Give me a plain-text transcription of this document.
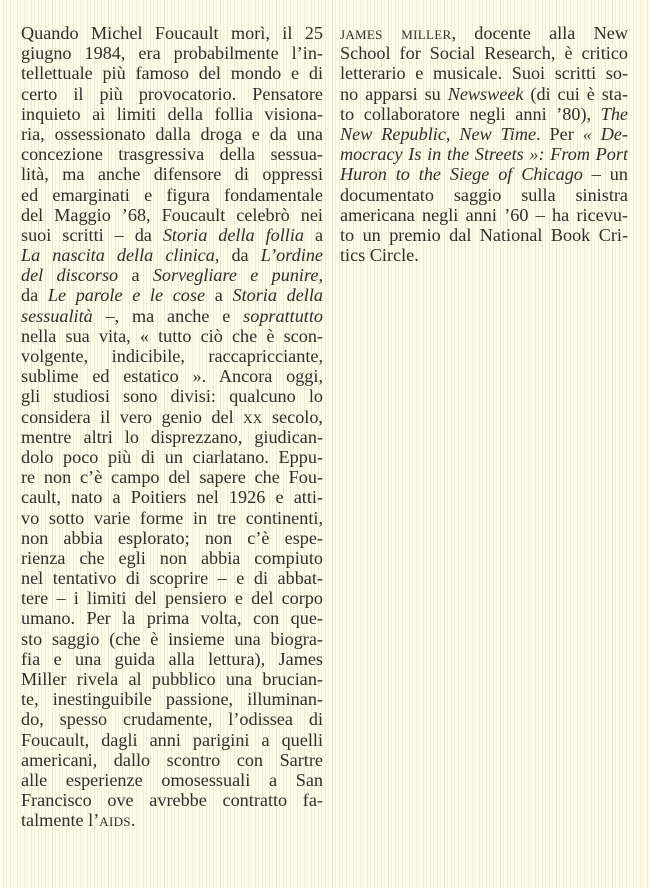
Quando Michel Foucault morì, il 25
giugno 1984, era probabilmente l’in-
tellettuale più famoso del mondo e di
certo il più provocatorio. Pensatore
inquieto ai limiti della follia visiona-
ria, ossessionato dalla droga e da una
concezione trasgressiva della sessua-
lità, ma anche difensore di oppressi
ed emarginati e figura fondamentale
del Maggio ’68, Foucault celebrò nei
suoi scritti – da Storia della follia a
La nascita della clinica, da L’ordine
del discorso a Sorvegliare e punire,
da Le parole e le cose a Storia della
sessualità –, ma anche e soprattutto
nella sua vita, « tutto ciò che è scon-
volgente, indicibile, raccapricciante,
sublime ed estatico ». Ancora oggi,
gli studiosi sono divisi: qualcuno lo
considera il vero genio del xx secolo,
mentre altri lo disprezzano, giudican-
dolo poco più di un ciarlatano. Eppu-
re non c’è campo del sapere che Fou-
cault, nato a Poitiers nel 1926 e atti-
vo sotto varie forme in tre continenti,
non abbia esplorato; non c’è espe-
rienza che egli non abbia compiuto
nel tentativo di scoprire – e di abbat-
tere – i limiti del pensiero e del corpo
umano. Per la prima volta, con que-
sto saggio (che è insieme una biogra-
fia e una guida alla lettura), James
Miller rivela al pubblico una brucian-
te, inestinguibile passione, illuminan-
do, spesso crudamente, l’odissea di
Foucault, dagli anni parigini a quelli
americani, dallo scontro con Sartre
alle esperienze omosessuali a San
Francisco ove avrebbe contratto fa-
talmente l’aids.
james miller, docente alla New
School for Social Research, è critico
letterario e musicale. Suoi scritti so-
no apparsi su Newsweek (di cui è sta-
to collaboratore negli anni ’80), The
New Republic, New Time. Per « De-
mocracy Is in the Streets »: From Port
Huron to the Siege of Chicago – un
documentato saggio sulla sinistra
americana negli anni ’60 – ha ricevu-
to un premio dal National Book Cri-
tics Circle.
